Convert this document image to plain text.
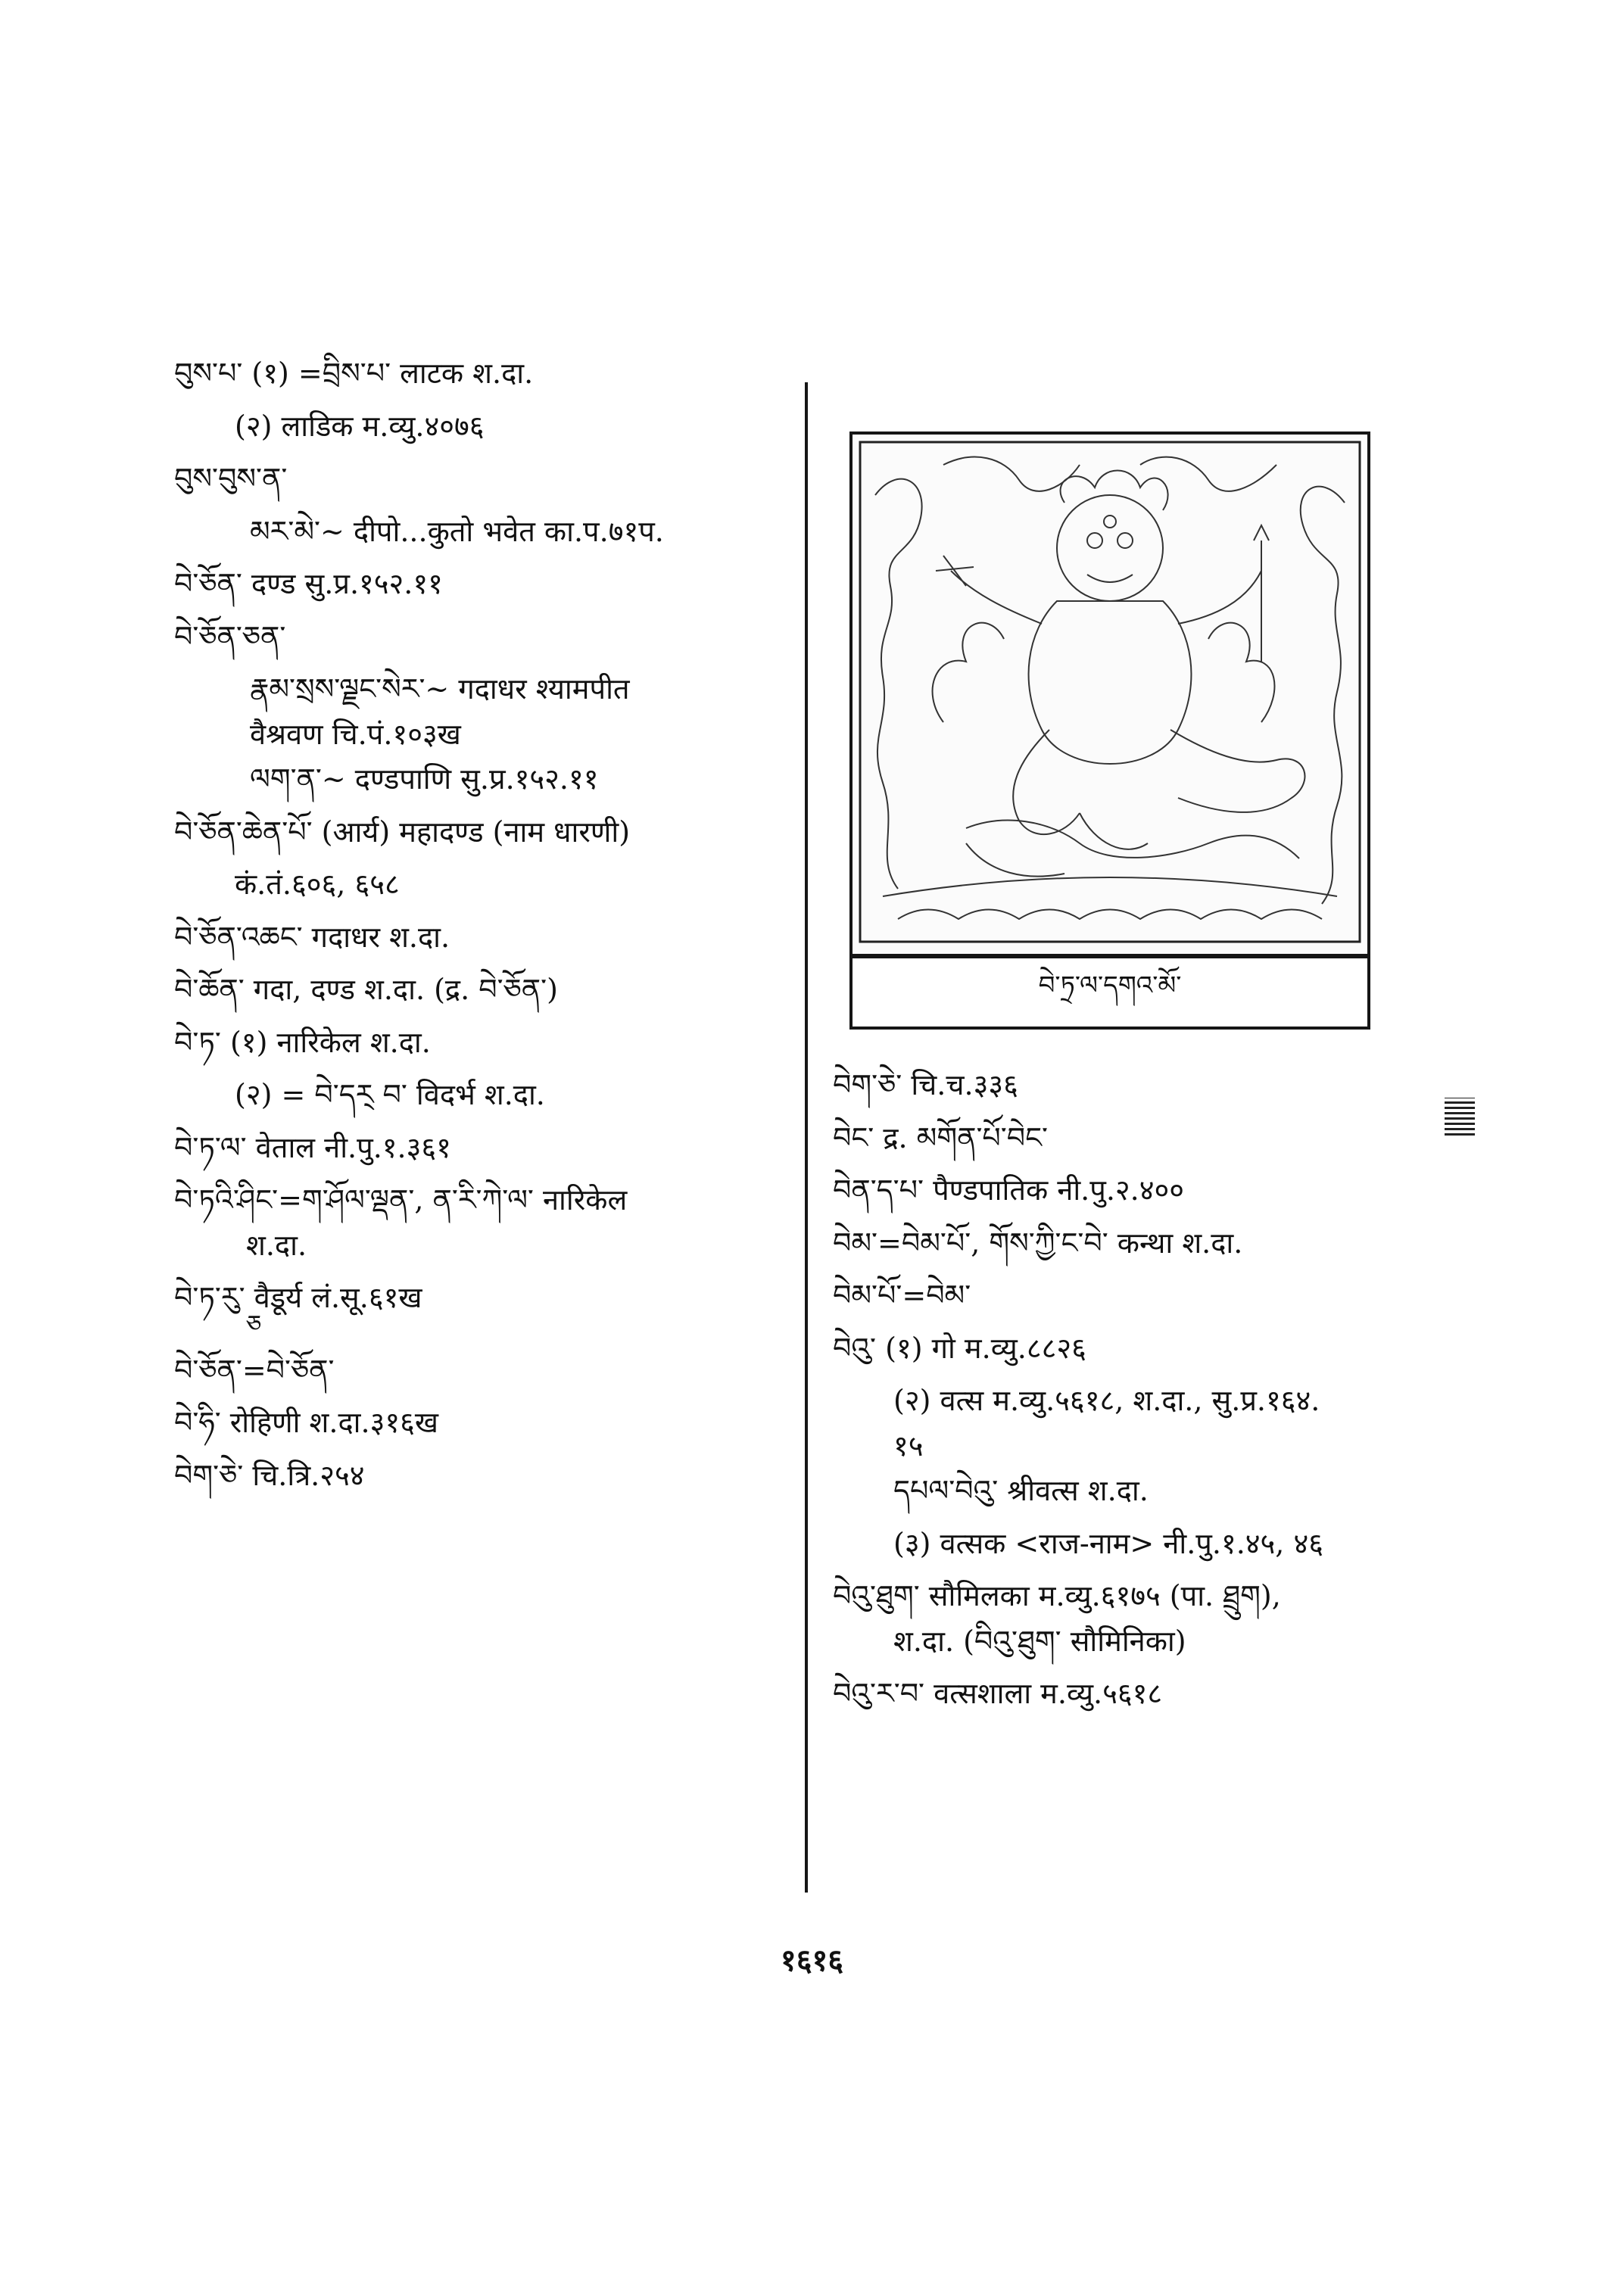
བུས་པ་ (१) =བྲིས་པ་ लाटक श.दा.

(२) लाडिक म.व्यु.४०७६

བུས་བུས་ན་

མར་མེ་~ दीपो...कुतो भवेत का.प.७१प.

བེ་ཅོན་ दण्ड सु.प्र.१५२.११

བེ་ཅོན་ཅན་

རྣམ་སྲས་ལྗང་སེར་~ गदाधर श्यामपीत

वैश्रवण चि.पं.१०३ख

ལག་ན་~ दण्डपाणि सु.प्र.१५२.११

བེ་ཅོན་ཆེན་པོ་ (आर्य) महादण्ड (नाम धारणी)

कं.तं.६०६, ६५८

བེ་ཅོན་འཆང་ गदाधर श.दा.

བེ་ཆོན་ गदा, दण्ड श.दा. (द्र. བེ་ཅོན་)

བེ་ཏ་ (१) नारिकेल श.दा.

(२) = བེ་དར྄ བ་ विदर्भ श.दा.

བེ་ཏ་ལ་ वेताल नी.पु.१.३६१

བེ་ཏའི་ཤིང་=ག་ཤོལ་ལྡན་, ན་རི་ཀེ་ལ་ नारिकेल

श.दा.

བེ་ཏ་རུ་ वैडूर्य लं.सू.६१ख

ཅ

བེ་ཅོན་=བེ་ཅོན་

བེ་ཧི་ रोहिणी श.दा.३१६ख

བེག་ཅེ་ चि.त्रि.२५४

བེ་ཏྲ་ལ་དགའ་མོ་

བེག་ཅེ་ चि.च.३३६

བེང་ द्र. མགོན་པོ་བེང་

བེན་ད་པ་ पैण्डपातिक नी.पु.२.४००

བེམ་=བེམ་པོ་, གོས་ཀྱི་ང་བེ་ कन्था श.दा.

བེམ་པོ་=བེམ་

བེའུ་ (१) गो म.व्यु.८८२६

(२) वत्स म.व्यु.५६१८, श.दा., सु.प्र.१६४.

१५

དཔལ་བེའུ་ श्रीवत्स श.दा.

(३) वत्सक <राज-नाम> नी.पु.१.४५, ४६

བེའུ་ཐུག་ सौमिलका म.व्यु.६१७५ (पा. ཐྲུག),

श.दा. (བིའུ་ཐུག་ सौमिनिका)

བེའུ་ར་བ་ वत्सशाला म.व्यु.५६१८

१६१६
